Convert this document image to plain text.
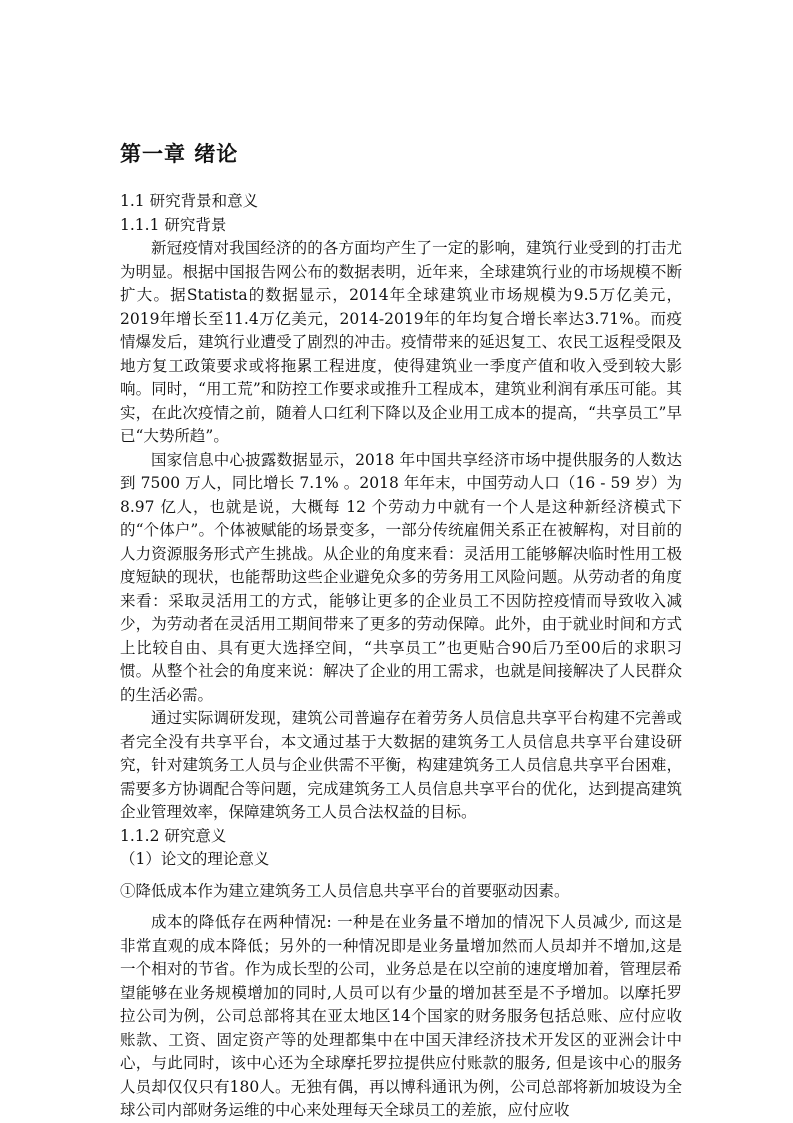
第一章 绪论

1.1 研究背景和意义

1.1.1 研究背景

新冠疫情对我国经济的的各方面均产生了一定的影响，建筑行业受到的打击尤为明显。根据中国报告网公布的数据表明，近年来，全球建筑行业的市场规模不断扩大。据Statista的数据显示，2014年全球建筑业市场规模为9.5万亿美元，2019年增长至11.4万亿美元，2014-2019年的年均复合增长率达3.71%。而疫情爆发后，建筑行业遭受了剧烈的冲击。疫情带来的延迟复工、农民工返程受限及地方复工政策要求或将拖累工程进度，使得建筑业一季度产值和收入受到较大影响。同时，“用工荒”和防控工作要求或推升工程成本，建筑业利润有承压可能。其实，在此次疫情之前，随着人口红利下降以及企业用工成本的提高，“共享员工”早已“大势所趋”。

国家信息中心披露数据显示，2018 年中国共享经济市场中提供服务的人数达到 7500 万人，同比增长 7.1% 。2018 年年末，中国劳动人口（16 - 59 岁）为 8.97 亿人，也就是说，大概每 12 个劳动力中就有一个人是这种新经济模式下的“个体户”。个体被赋能的场景变多，一部分传统雇佣关系正在被解构，对目前的人力资源服务形式产生挑战。从企业的角度来看：灵活用工能够解决临时性用工极度短缺的现状，也能帮助这些企业避免众多的劳务用工风险问题。从劳动者的角度来看：采取灵活用工的方式，能够让更多的企业员工不因防控疫情而导致收入减少，为劳动者在灵活用工期间带来了更多的劳动保障。此外，由于就业时间和方式上比较自由、具有更大选择空间，“共享员工”也更贴合90后乃至00后的求职习惯。从整个社会的角度来说：解决了企业的用工需求，也就是间接解决了人民群众的生活必需。

通过实际调研发现，建筑公司普遍存在着劳务人员信息共享平台构建不完善或者完全没有共享平台，本文通过基于大数据的建筑务工人员信息共享平台建设研究，针对建筑务工人员与企业供需不平衡，构建建筑务工人员信息共享平台困难，需要多方协调配合等问题，完成建筑务工人员信息共享平台的优化，达到提高建筑企业管理效率，保障建筑务工人员合法权益的目标。

1.1.2 研究意义

（1）论文的理论意义

①降低成本作为建立建筑务工人员信息共享平台的首要驱动因素。

成本的降低存在两种情况: 一种是在业务量不增加的情况下人员减少, 而这是非常直观的成本降低；另外的一种情况即是业务量增加然而人员却并不增加,这是一个相对的节省。作为成长型的公司，业务总是在以空前的速度增加着，管理层希望能够在业务规模增加的同时,人员可以有少量的增加甚至是不予增加。以摩托罗拉公司为例，公司总部将其在亚太地区14个国家的财务服务包括总账、应付应收账款、工资、固定资产等的处理都集中在中国天津经济技术开发区的亚洲会计中心，与此同时，该中心还为全球摩托罗拉提供应付账款的服务, 但是该中心的服务人员却仅仅只有180人。无独有偶，再以博科通讯为例，公司总部将新加坡设为全球公司内部财务运维的中心来处理每天全球员工的差旅，应付应收
